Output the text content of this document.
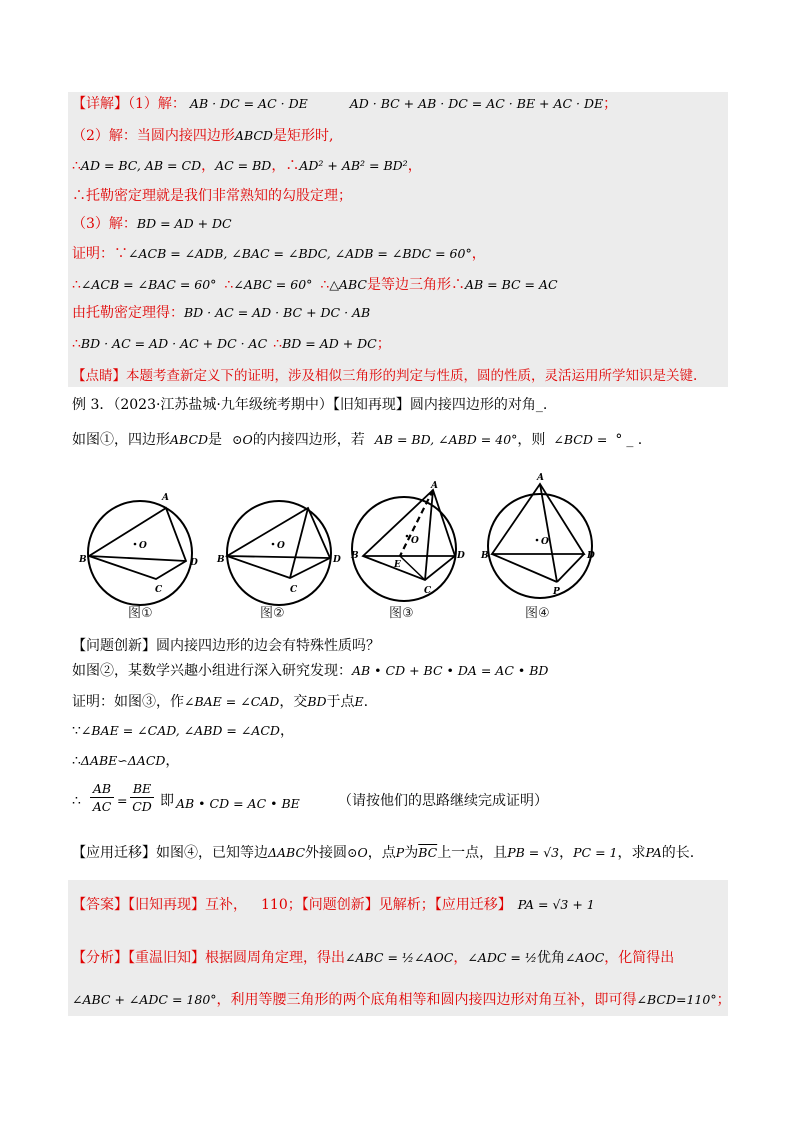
【详解】（1）解： AB · DC = AC · DE	AD · BC + AB · DC = AC · BE + AC · DE；
（2）解：当圆内接四边形ABCD是矩形时,
∴AD = BC, AB = CD，AC = BD，∴AD² + AB² = BD²，
∴托勒密定理就是我们非常熟知的勾股定理；
（3）解：BD = AD + DC
证明：∵∠ACB = ∠ADB, ∠BAC = ∠BDC, ∠ADB = ∠BDC = 60°，
∴∠ACB = ∠BAC = 60° ∴∠ABC = 60° ∴△ABC是等边三角形∴AB = BC = AC
由托勒密定理得：BD · AC = AD · BC + DC · AB
∴BD · AC = AD · AC + DC · AC ∴BD = AD + DC；
【点睛】本题考查新定义下的证明，涉及相似三角形的判定与性质，圆的性质，灵活运用所学知识是关键.
例 3．（2023·江苏盐城·九年级统考期中）【旧知再现】圆内接四边形的对角_.
如图①，四边形ABCD是 ⊙O的内接四边形，若 AB = BD, ∠ABD = 40°，则 ∠BCD = ° _ .
A
B
C
D
O
B
C
D
O
A
B
C
D
E
O
A
B	D
P
O
图①	图②	图③	图④
【问题创新】圆内接四边形的边会有特殊性质吗？
如图②，某数学兴趣小组进行深入研究发现：AB • CD + BC • DA = AC • BD
证明：如图③，作∠BAE = ∠CAD，交BD于点E.
∵∠BAE = ∠CAD, ∠ABD = ∠ACD，
∴ΔABE∽ΔACD，
∴
AB
AC =
BE
CD 即 AB • CD = AC • BE	（请按他们的思路继续完成证明）
【应用迁移】如图④，已知等边ΔABC外接圆⊙O，点P为$\overline{BC}$上一点，且PB = √3，PC = 1，求PA的长.
【答案】【旧知再现】互补， 110；【问题创新】见解析；【应用迁移】 PA = √3 + 1
【分析】【重温旧知】根据圆周角定理，得出∠ABC = ½∠AOC，∠ADC = ½优角∠AOC，化简得出
∠ABC + ∠ADC = 180°，利用等腰三角形的两个底角相等和圆内接四边形对角互补，即可得∠BCD=110°；
